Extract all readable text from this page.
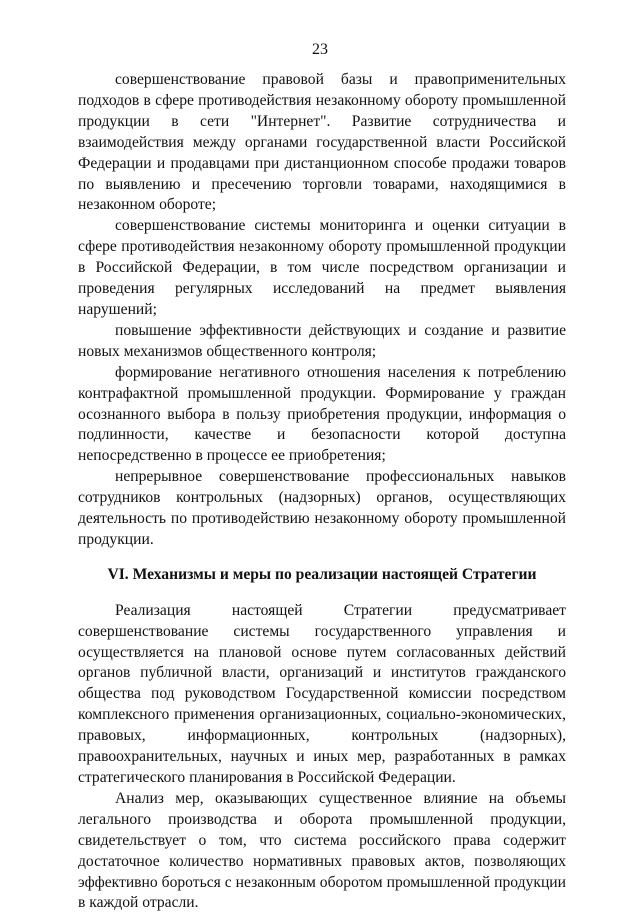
23

совершенствование правовой базы и правоприменительных подходов в сфере противодействия незаконному обороту промышленной продукции в сети "Интернет". Развитие сотрудничества и взаимодействия между органами государственной власти Российской Федерации и продавцами при дистанционном способе продажи товаров по выявлению и пресечению торговли товарами, находящимися в незаконном обороте;

совершенствование системы мониторинга и оценки ситуации в сфере противодействия незаконному обороту промышленной продукции в Российской Федерации, в том числе посредством организации и проведения регулярных исследований на предмет выявления нарушений;

повышение эффективности действующих и создание и развитие новых механизмов общественного контроля;

формирование негативного отношения населения к потреблению контрафактной промышленной продукции. Формирование у граждан осознанного выбора в пользу приобретения продукции, информация о подлинности, качестве и безопасности которой доступна непосредственно в процессе ее приобретения;

непрерывное совершенствование профессиональных навыков сотрудников контрольных (надзорных) органов, осуществляющих деятельность по противодействию незаконному обороту промышленной продукции.

VI. Механизмы и меры по реализации настоящей Стратегии

Реализация настоящей Стратегии предусматривает совершенствование системы государственного управления и осуществляется на плановой основе путем согласованных действий органов публичной власти, организаций и институтов гражданского общества под руководством Государственной комиссии посредством комплексного применения организационных, социально-экономических, правовых, информационных, контрольных (надзорных), правоохранительных, научных и иных мер, разработанных в рамках стратегического планирования в Российской Федерации.

Анализ мер, оказывающих существенное влияние на объемы легального производства и оборота промышленной продукции, свидетельствует о том, что система российского права содержит достаточное количество нормативных правовых актов, позволяющих эффективно бороться с незаконным оборотом промышленной продукции в каждой отрасли.
